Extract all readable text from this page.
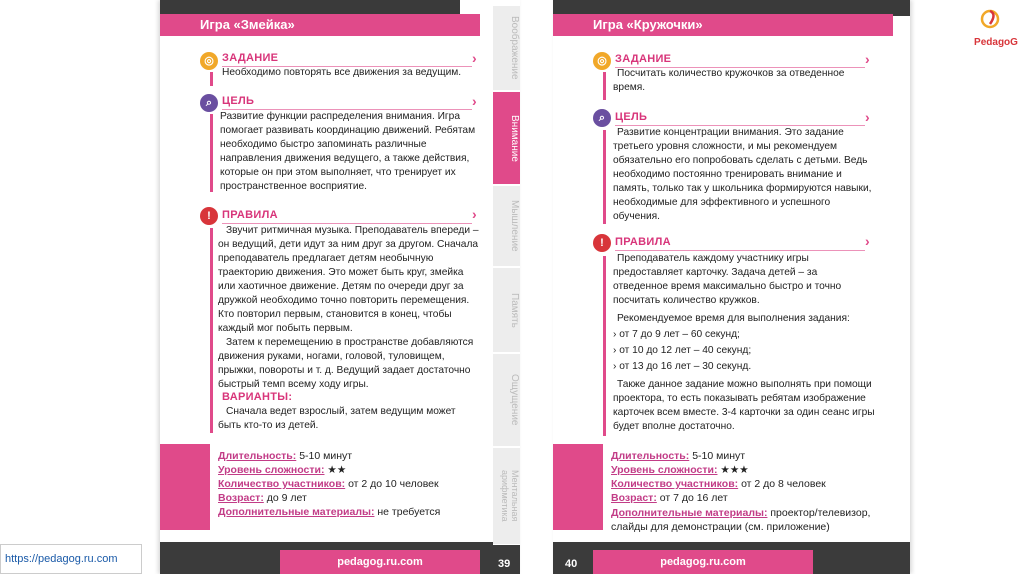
Игра «Змейка»
◎ ЗАДАНИЕ	›
Необходимо повторять все движения за ведущим.
⌕ ЦЕЛЬ	›
Развитие функции распределения внимания. Игра помогает развивать координацию движений. Ребятам необходимо быстро запоминать различные направления движения ведущего, а также действия, которые он при этом выполняет, что тренирует их пространственное восприятие.
!	ПРАВИЛА	›
Звучит ритмичная музыка. Преподаватель впереди – он ведущий, дети идут за ним друг за другом. Сначала преподаватель предлагает детям необычную траекторию движения. Это может быть круг, змейка или хаотичное движение. Детям по очереди друг за дружкой необходимо точно повторить перемещения. Кто повторил первым, становится в конец, чтобы каждый мог побыть первым.
Затем к перемещению в пространстве добавляются движения руками, ногами, головой, туловищем, прыжки, повороты и т. д. Ведущий задает достаточно быстрый темп всему ходу игры.
ВАРИАНТЫ:
Сначала ведет взрослый, затем ведущим может быть кто-то из детей.
Длительность: 5-10 минут
Уровень сложности: ★★
Количество участников: от 2 до 10 человек
Возраст: до 9 лет
Дополнительные материалы: не требуется
pedagog.ru.com	39
Воображение
Внимание
Мышление
Память
Ощущение
Ментальная арифметика
Игра «Кружочки»
◎ ЗАДАНИЕ	›
Посчитать количество кружочков за отведенное время.
⌕ ЦЕЛЬ	›
Развитие концентрации внимания. Это задание третьего уровня сложности, и мы рекомендуем обязательно его попробовать сделать с детьми. Ведь необходимо постоянно тренировать внимание и память, только так у школьника формируются навыки, необходимые для эффективного и успешного обучения.
!	ПРАВИЛА	›
Преподаватель каждому участнику игры предоставляет карточку. Задача детей – за отведенное время максимально быстро и точно посчитать количество кружков.
Рекомендуемое время для выполнения задания:
› от 7 до 9 лет – 60 секунд;
› от 10 до 12 лет – 40 секунд;
› от 13 до 16 лет – 30 секунд.
Также данное задание можно выполнять при помощи проектора, то есть показывать ребятам изображение карточек всем вместе. 3-4 карточки за один сеанс игры будет вполне достаточно.
Длительность: 5-10 минут
Уровень сложности: ★★★
Количество участников: от 2 до 8 человек
Возраст: от 7 до 16 лет
Дополнительные материалы: проектор/телевизор, слайды для демонстрации (см. приложение)
pedagog.ru.com
40
PedagoG
https://pedagog.ru.com
